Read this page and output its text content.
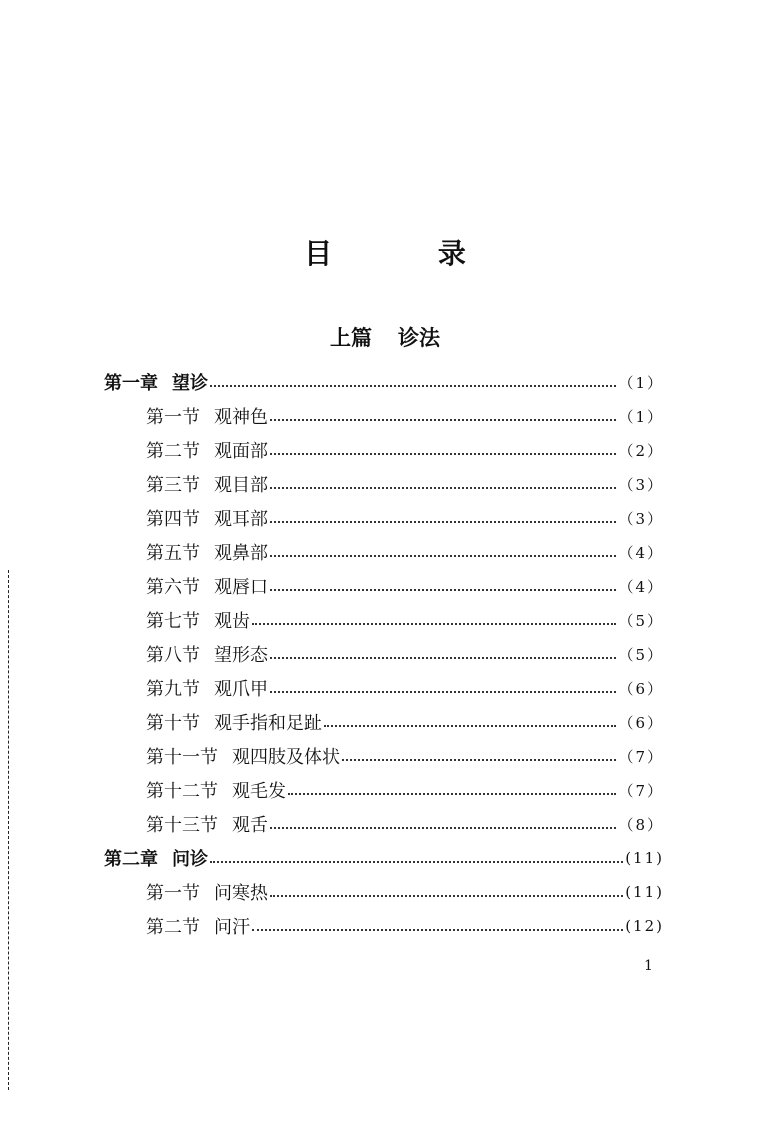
目 录
上篇 诊法
第一章 望诊	（1）
第一节 观神色	（1）
第二节 观面部	（2）
第三节 观目部	（3）
第四节 观耳部	（3）
第五节 观鼻部	（4）
第六节 观唇口	（4）
第七节 观齿	（5）
第八节 望形态	（5）
第九节 观爪甲	（6）
第十节 观手指和足趾	（6）
第十一节 观四肢及体状	（7）
第十二节 观毛发	（7）
第十三节 观舌	（8）
第二章 问诊	(11)
第一节 问寒热	(11)
第二节 问汗	(12)
1
